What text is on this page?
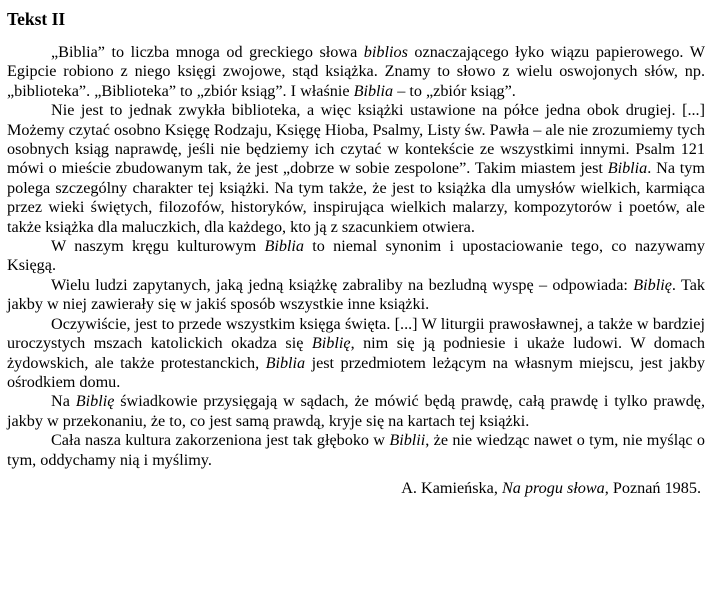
Tekst II

„Biblia” to liczba mnoga od greckiego słowa biblios oznaczającego łyko wiązu papierowego. W Egipcie robiono z niego księgi zwojowe, stąd książka. Znamy to słowo z wielu oswojonych słów, np. „biblioteka”. „Biblioteka” to „zbiór ksiąg”. I właśnie Biblia – to „zbiór ksiąg”.

Nie jest to jednak zwykła biblioteka, a więc książki ustawione na półce jedna obok drugiej. [...] Możemy czytać osobno Księgę Rodzaju, Księgę Hioba, Psalmy, Listy św. Pawła – ale nie zrozumiemy tych osobnych ksiąg naprawdę, jeśli nie będziemy ich czytać w kontekście ze wszystkimi innymi. Psalm 121 mówi o mieście zbudowanym tak, że jest „dobrze w sobie zespolone”. Takim miastem jest Biblia. Na tym polega szczególny charakter tej książki. Na tym także, że jest to książka dla umysłów wielkich, karmiąca przez wieki świętych, filozofów, historyków, inspirująca wielkich malarzy, kompozytorów i poetów, ale także książka dla maluczkich, dla każdego, kto ją z szacunkiem otwiera.

W naszym kręgu kulturowym Biblia to niemal synonim i upostaciowanie tego, co nazywamy Księgą.

Wielu ludzi zapytanych, jaką jedną książkę zabraliby na bezludną wyspę – odpowiada: Biblię. Tak jakby w niej zawierały się w jakiś sposób wszystkie inne książki.

Oczywiście, jest to przede wszystkim księga święta. [...] W liturgii prawosławnej, a także w bardziej uroczystych mszach katolickich okadza się Biblię, nim się ją podniesie i ukaże ludowi. W domach żydowskich, ale także protestanckich, Biblia jest przedmiotem leżącym na własnym miejscu, jest jakby ośrodkiem domu.

Na Biblię świadkowie przysięgają w sądach, że mówić będą prawdę, całą prawdę i tylko prawdę, jakby w przekonaniu, że to, co jest samą prawdą, kryje się na kartach tej książki.

Cała nasza kultura zakorzeniona jest tak głęboko w Biblii, że nie wiedząc nawet o tym, nie myśląc o tym, oddychamy nią i myślimy.

A. Kamieńska, Na progu słowa, Poznań 1985.
